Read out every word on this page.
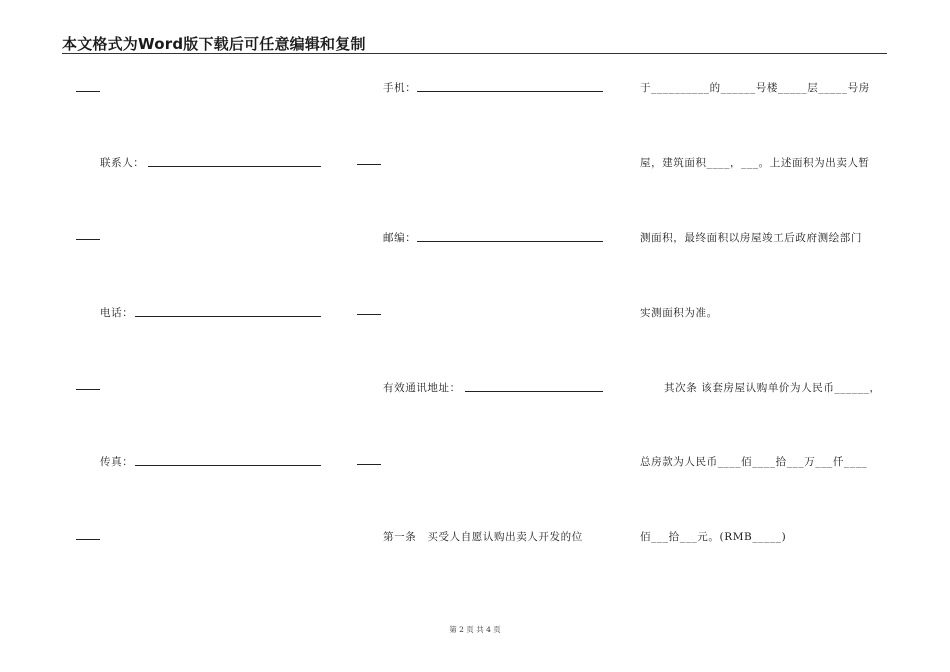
本文格式为Word版下载后可任意编辑和复制
联系人：
电话：
传真：
手机：
邮编：
有效通讯地址：
第一条　买受人自愿认购出卖人开发的位
于__________的______号楼_____层_____号房
屋，建筑面积____，___。上述面积为出卖人暂
测面积，最终面积以房屋竣工后政府测绘部门
实测面积为准。
其次条 该套房屋认购单价为人民币______，
总房款为人民币____佰____拾___万___仟____
佰___拾___元。(RMB_____)
第 2 页 共 4 页
